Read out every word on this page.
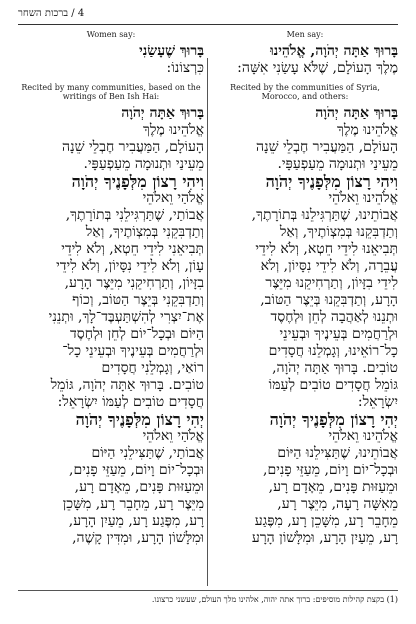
4
/
ברכות השחר
Men say:

בָּרוּךְ אַתָּה יְהֹוָה, אֱלֹהֵינוּ

מֶלֶךְ הָעוֹלָם, שֶׁלֹּא עָשַׂנִי אִשָּׁה:

Recited by the communities of Syria, Morocco, and others:

בָּרוּךְ אַתָּה יְהֹוָה

אֱלֹהֵינוּ מֶלֶךְ

הָעוֹלָם, הַמַּעֲבִיר חֶבְלֵי שֵׁנָה

מֵעֵינַי וּתְנוּמָה מֵעַפְעַפָּי.

וִיהִי רָצוֹן מִלְּפָנֶיךָ יְהֹוָה

אֱלֹהֵינוּ וֵאלֹהֵי

אֲבוֹתֵינוּ, שֶׁתַּרְגִּילֵנוּ בְּתוֹרָתֶךָ,

וְתַדְבִּקֵנוּ בְּמִצְוֹתֶיךָ, וְאַל

תְּבִיאֵנוּ לִידֵי חֵטְא, וְלֹא לִידֵי

עֲבֵרָה, וְלֹא לִידֵי נִסָּיוֹן, וְלֹא

לִידֵי בִזָּיוֹן, וְתַרְחִיקֵנוּ מִיֵּצֶר

הָרָע, וְתַדְבִּקֵנוּ בְּיֵצֶר הַטּוֹב,

וּתְנֵנוּ לְאַהֲבָה לְחֵן וּלְחֶסֶד

וּלְרַחֲמִים בְּעֵינֶיךָ וּבְעֵינֵי

כָל־רוֹאֵינוּ, וְגָמְלֵנוּ חֲסָדִים

טוֹבִים. בָּרוּךְ אַתָּה יְהֹוָה,

גּוֹמֵל חֲסָדִים טוֹבִים לְעַמּוֹ

יִשְׂרָאֵל:

יְהִי רָצוֹן מִלְּפָנֶיךָ יְהֹוָה

אֱלֹהֵינוּ וֵאלֹהֵי

אֲבוֹתֵינוּ, שֶׁתַּצִּילֵנוּ הַיּוֹם

וּבְכָל־יוֹם וָיוֹם, מֵעַזֵּי פָנִים,

וּמֵעַזּוּת פָּנִים, מֵאָדָם רָע,

מֵאִשָּׁה רָעָה, מִיֵּצֶר רָע,

מֵחָבֵר רָע, מִשָּׁכֵן רָע, מִפֶּגַע

רָע, מֵעַיִן הָרָע, וּמִלָּשׁוֹן הָרָע

Women say:

בָּרוּךְ שֶׁעָשַׂנִי

כִּרְצוֹנוֹ:

Recited by many communities, based on the writings of Ben Ish Hai:

בָּרוּךְ אַתָּה יְהֹוָה

אֱלֹהֵינוּ מֶלֶךְ

הָעוֹלָם, הַמַּעֲבִיר חֶבְלֵי שֵׁנָה

מֵעֵינַי וּתְנוּמָה מֵעַפְעַפָּי.

וִיהִי רָצוֹן מִלְּפָנֶיךָ יְהֹוָה

אֱלֹהַי וֵאלֹהֵי

אֲבוֹתַי, שֶׁתַּרְגִּילֵנִי בְּתוֹרָתֶךָ,

וְתַדְבִּקֵנִי בְּמִצְוֹתֶיךָ, וְאַל

תְּבִיאֵנִי לִידֵי חֵטְא, וְלֹא לִידֵי

עָוֹן, וְלֹא לִידֵי נִסָּיוֹן, וְלֹא לִידֵי

בִזָּיוֹן, וְתַרְחִיקֵנִי מִיֵּצֶר הָרָע,

וְתַדְבִּקֵנִי בְּיֵצֶר הַטּוֹב, וְכוֹף

אֶת־יִצְרִי לְהִשְׁתַּעְבֶּד־לָךְ, וּתְנֵנִי

הַיּוֹם וּבְכָל־יוֹם לְחֵן וּלְחֶסֶד

וּלְרַחֲמִים בְּעֵינֶיךָ וּבְעֵינֵי כָל־

רוֹאַי, וְגָמְלֵנִי חֲסָדִים

טוֹבִים. בָּרוּךְ אַתָּה יְהֹוָה, גּוֹמֵל

חֲסָדִים טוֹבִים לְעַמּוֹ יִשְׂרָאֵל:

יְהִי רָצוֹן מִלְּפָנֶיךָ יְהֹוָה

אֱלֹהַי וֵאלֹהֵי

אֲבוֹתַי, שֶׁתַּצִּילֵנִי הַיּוֹם

וּבְכָל־יוֹם וָיוֹם, מֵעַזֵּי פָנִים,

וּמֵעַזּוּת פָּנִים, מֵאָדָם רָע,

מִיֵּצֶר רָע, מֵחָבֵר רָע, מִשָּׁכֵן

רָע, מִפֶּגַע רָע, מֵעַיִן הָרָע,

וּמִלָּשׁוֹן הָרָע, וּמִדִּין קָשֶׁה,

(1) בקצת קהילות מוסיפים: ברוך אתה יהוה, אלהינו מלך העולם, שעשני כרצונו.
